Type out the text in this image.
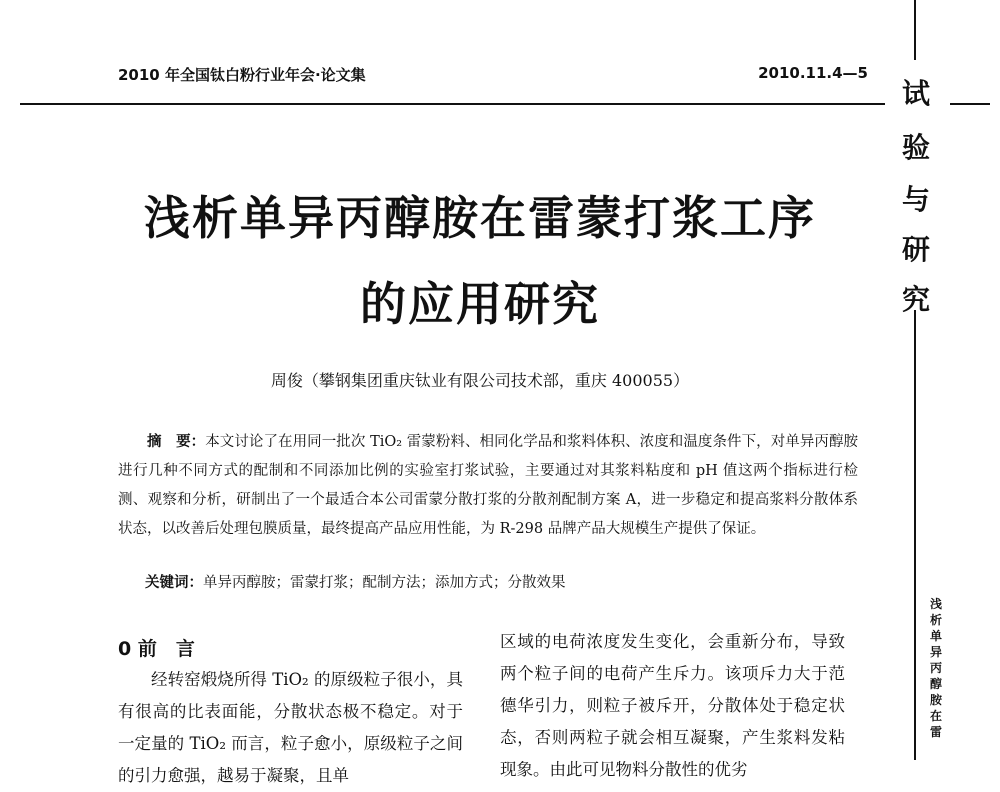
2010 年全国钛白粉行业年会·论文集	2010.11.4—5
试
验
与
研
究
浅析单异丙醇胺在雷蒙打浆工序
的应用研究
周俊（攀钢集团重庆钛业有限公司技术部，重庆 400055）
摘　要：本文讨论了在用同一批次 TiO₂ 雷蒙粉料、相同化学品和浆料体积、浓度和温度条件下，对单异丙醇胺进行几种不同方式的配制和不同添加比例的实验室打浆试验，主要通过对其浆料粘度和 pH 值这两个指标进行检测、观察和分析，研制出了一个最适合本公司雷蒙分散打浆的分散剂配制方案 A，进一步稳定和提高浆料分散体系状态，以改善后处理包膜质量，最终提高产品应用性能，为 R-298 品牌产品大规模生产提供了保证。
关键词：单异丙醇胺；雷蒙打浆；配制方法；添加方式；分散效果
0 前　言
经转窑煅烧所得 TiO₂ 的原级粒子很小，具有很高的比表面能，分散状态极不稳定。对于一定量的 TiO₂ 而言，粒子愈小，原级粒子之间的引力愈强，越易于凝聚，且单
区域的电荷浓度发生变化，会重新分布，导致两个粒子间的电荷产生斥力。该项斥力大于范德华引力，则粒子被斥开，分散体处于稳定状态，否则两粒子就会相互凝聚，产生浆料发粘现象。由此可见物料分散性的优劣
浅
析
单
异
丙
醇
胺
在
雷
